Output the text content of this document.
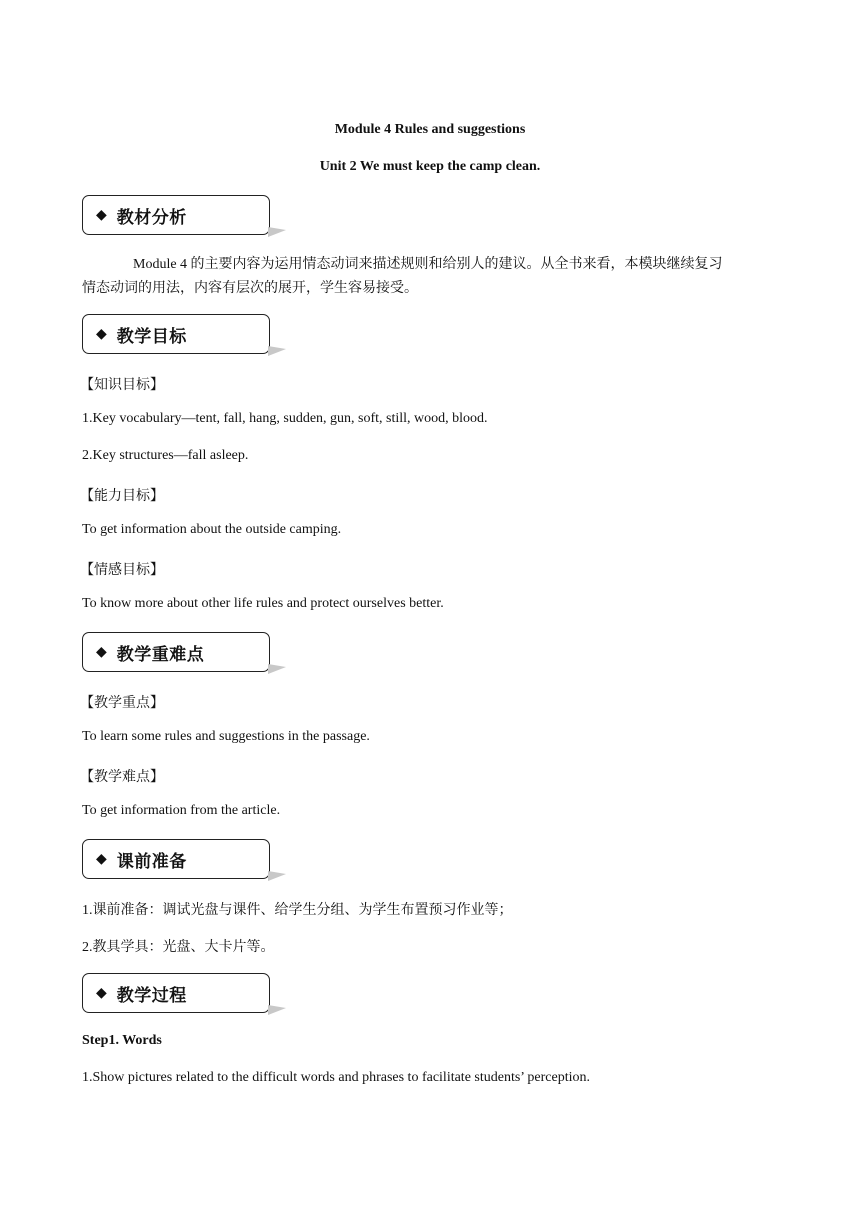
Module 4 Rules and suggestions
Unit 2 We must keep the camp clean.
◆ 教材分析
Module 4 的主要内容为运用情态动词来描述规则和给别人的建议。从全书来看，本模块继续复习
情态动词的用法，内容有层次的展开，学生容易接受。
◆ 教学目标
【知识目标】
1.Key vocabulary—tent, fall, hang, sudden, gun, soft, still, wood, blood.
2.Key structures—fall asleep.
【能力目标】
To get information about the outside camping.
【情感目标】
To know more about other life rules and protect ourselves better.
◆ 教学重难点
【教学重点】
To learn some rules and suggestions in the passage.
【教学难点】
To get information from the article.
◆ 课前准备
1.课前准备：调试光盘与课件、给学生分组、为学生布置预习作业等；
2.教具学具：光盘、大卡片等。
◆ 教学过程
Step1. Words
1.Show pictures related to the difficult words and phrases to facilitate students’ perception.
